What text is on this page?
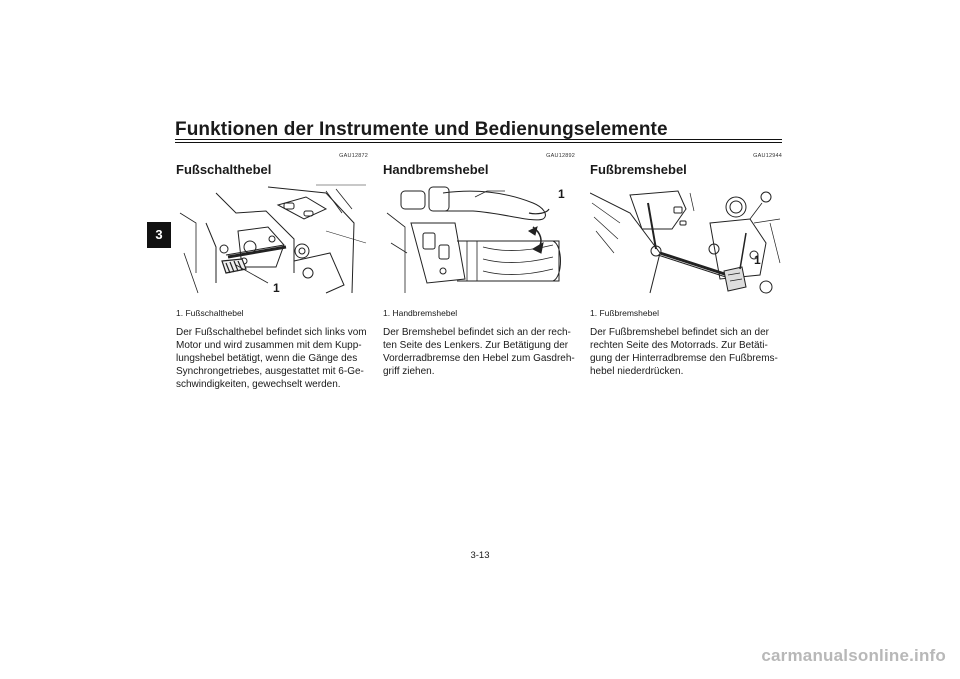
Funktionen der Instrumente und Bedienungselemente
3
GAU12872
Fußschalthebel
1
1. Fußschalthebel
Der Fußschalthebel befindet sich links vom
Motor und wird zusammen mit dem Kupp-
lungshebel betätigt, wenn die Gänge des
Synchrongetriebes, ausgestattet mit 6-Ge-
schwindigkeiten, gewechselt werden.
GAU12892
Handbremshebel
1
1. Handbremshebel
Der Bremshebel befindet sich an der rech-
ten Seite des Lenkers. Zur Betätigung der
Vorderradbremse den Hebel zum Gasdreh-
griff ziehen.
GAU12944
Fußbremshebel
1
1. Fußbremshebel
Der Fußbremshebel befindet sich an der
rechten Seite des Motorrads. Zur Betäti-
gung der Hinterradbremse den Fußbrems-
hebel niederdrücken.
3-13
carmanualsonline.info
